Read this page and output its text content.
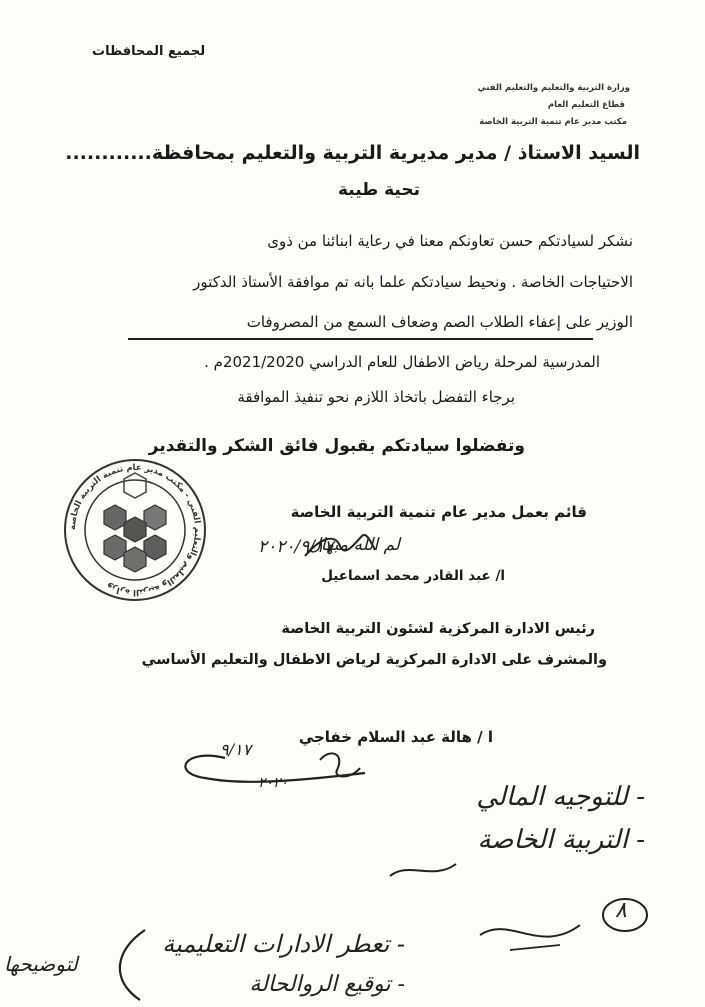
لجميع المحافظات
وزارة التربية والتعليم والتعليم الفني
قطاع التعليم العام
مكتب مدير عام تنمية التربية الخاصة
السيد الاستاذ / مدير مديرية التربية والتعليم بمحافظة............
تحية طيبة
نشكر لسيادتكم حسن تعاونكم معنا في رعاية ابنائنا من ذوى
الاحتياجات الخاصة . ونحيط سيادتكم علما بانه تم موافقة الأستاذ الدكتور
الوزير على إعفاء الطلاب الصم وضعاف السمع من المصروفات
المدرسية لمرحلة رياض الاطفال للعام الدراسي 2021/2020م .
برجاء التفضل باتخاذ اللازم نحو تنفيذ الموافقة
وتفضلوا سيادتكم بقبول فائق الشكر والتقدير
وزارة التربية والتعليم والتعليم الفني - مكتب مدير عام تنمية التربية الخاصة
قائم بعمل مدير عام تنمية التربية الخاصة
لم الله مبهال
٢٠٢٠/٩/١٧
ا/ عبد القادر محمد اسماعيل
رئيس الادارة المركزية لشئون التربية الخاصة
والمشرف على الادارة المركزية لرياض الاطفال والتعليم الأساسي
ا / هالة عبد السلام خفاجي
٩/١٧
٢٠٢٠	- للتوجيه المالي
- التربية الخاصة
٨
- تعطر الادارات التعليمية
- توقيع الروالحالة
لتوضيحها
